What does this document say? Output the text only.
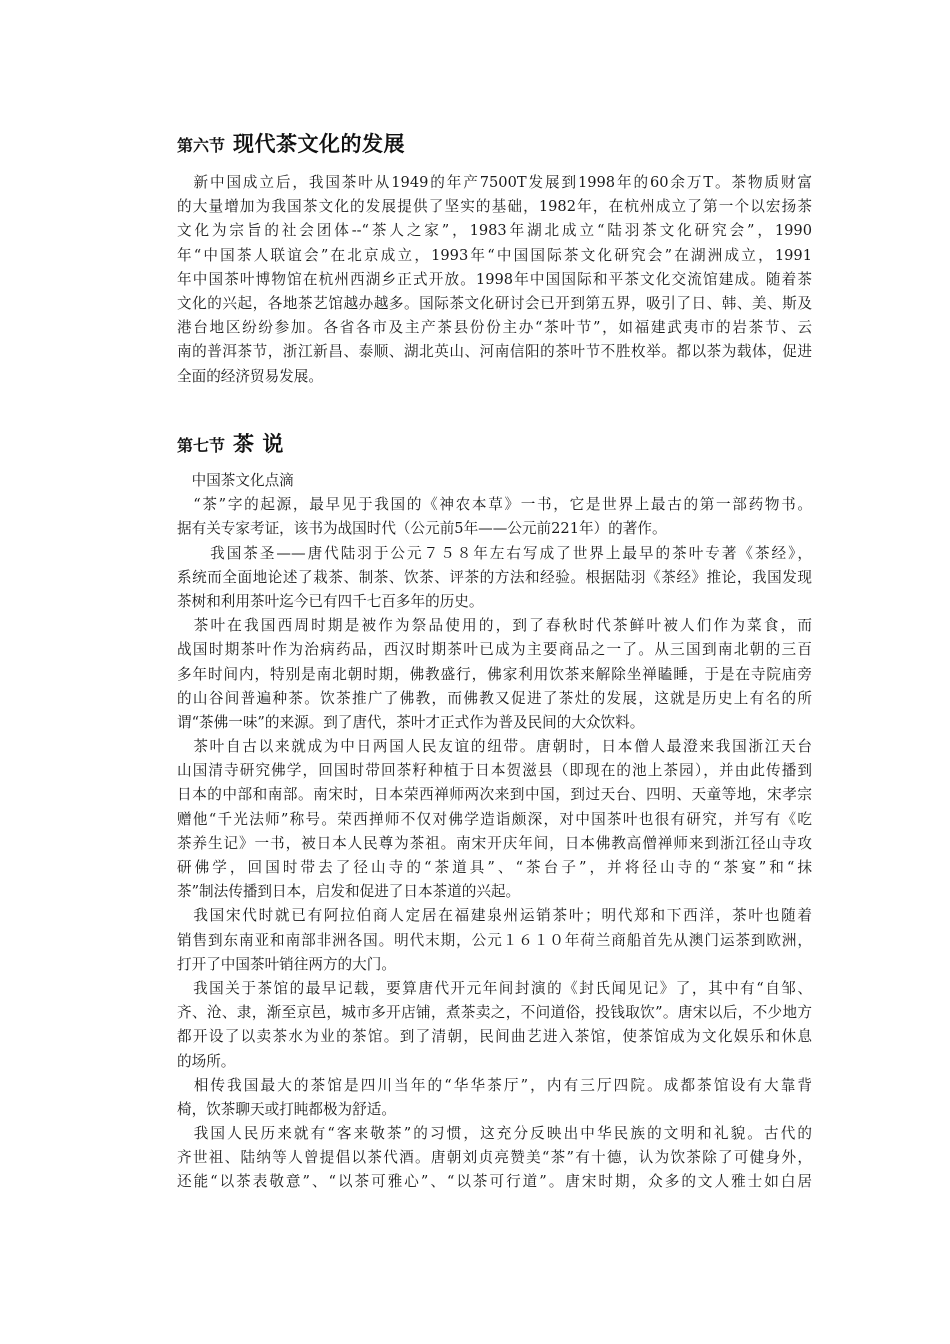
第六节 现代茶文化的发展
　新中国成立后，我国茶叶从1949的年产7500T发展到1998年的60余万T。茶物质财富
的大量增加为我国茶文化的发展提供了坚实的基础，1982年，在杭州成立了第一个以宏扬茶
文化为宗旨的社会团体--“茶人之家”，1983年湖北成立“陆羽茶文化研究会”，1990
年“中国茶人联谊会”在北京成立，1993年“中国国际茶文化研究会”在湖洲成立，1991
年中国茶叶博物馆在杭州西湖乡正式开放。1998年中国国际和平茶文化交流馆建成。随着茶
文化的兴起，各地茶艺馆越办越多。国际茶文化研讨会已开到第五界，吸引了日、韩、美、斯及
港台地区纷纷参加。各省各市及主产茶县份份主办“茶叶节”，如福建武夷市的岩茶节、云
南的普洱茶节，浙江新昌、泰顺、湖北英山、河南信阳的茶叶节不胜枚举。都以茶为载体，促进
全面的经济贸易发展。
第七节 茶 说
　中国茶文化点滴
　“茶”字的起源，最早见于我国的《神农本草》一书，它是世界上最古的第一部药物书。
据有关专家考证，该书为战国时代（公元前5年——公元前221年）的著作。
　　我国茶圣——唐代陆羽于公元７５８年左右写成了世界上最早的茶叶专著《茶经》，
系统而全面地论述了栽茶、制茶、饮茶、评茶的方法和经验。根据陆羽《茶经》推论，我国发现
茶树和利用茶叶迄今已有四千七百多年的历史。
　茶叶在我国西周时期是被作为祭品使用的，到了春秋时代茶鲜叶被人们作为菜食，而
战国时期茶叶作为治病药品，西汉时期茶叶已成为主要商品之一了。从三国到南北朝的三百
多年时间内，特别是南北朝时期，佛教盛行，佛家利用饮茶来解除坐禅瞌睡，于是在寺院庙旁
的山谷间普遍种茶。饮茶推广了佛教，而佛教又促进了茶灶的发展，这就是历史上有名的所
谓“茶佛一味”的来源。到了唐代，茶叶才正式作为普及民间的大众饮料。
　茶叶自古以来就成为中日两国人民友谊的纽带。唐朝时，日本僧人最澄来我国浙江天台
山国清寺研究佛学，回国时带回茶籽种植于日本贺滋县（即现在的池上茶园），并由此传播到
日本的中部和南部。南宋时，日本荣西禅师两次来到中国，到过天台、四明、天童等地，宋孝宗
赠他“千光法师”称号。荣西掸师不仅对佛学造诣颇深，对中国茶叶也很有研究，并写有《吃
茶养生记》一书，被日本人民尊为茶祖。南宋开庆年间，日本佛教高僧禅师来到浙江径山寺攻
研佛学，回国时带去了径山寺的“茶道具”、“茶台子”，并将径山寺的“茶宴”和“抹
茶”制法传播到日本，启发和促进了日本茶道的兴起。
　我国宋代时就已有阿拉伯商人定居在福建泉州运销茶叶；明代郑和下西洋，茶叶也随着
销售到东南亚和南部非洲各国。明代末期，公元１６１０年荷兰商船首先从澳门运茶到欧洲，
打开了中国茶叶销往两方的大门。
　我国关于茶馆的最早记载，要算唐代开元年间封演的《封氏闻见记》了，其中有“自邹、
齐、沧、隶，渐至京邑，城市多开店铺，煮茶卖之，不问道俗，投钱取饮”。唐宋以后，不少地方
都开设了以卖茶水为业的茶馆。到了清朝，民间曲艺进入茶馆，使茶馆成为文化娱乐和休息
的场所。
　相传我国最大的茶馆是四川当年的“华华茶厅”，内有三厅四院。成都茶馆设有大靠背
椅，饮茶聊天或打盹都极为舒适。
　我国人民历来就有“客来敬茶”的习惯，这充分反映出中华民族的文明和礼貌。古代的
齐世祖、陆纳等人曾提倡以茶代酒。唐朝刘贞亮赞美“茶”有十德，认为饮茶除了可健身外，
还能“以茶表敬意”、“以茶可雅心”、“以茶可行道”。唐宋时期，众多的文人雅士如白居
